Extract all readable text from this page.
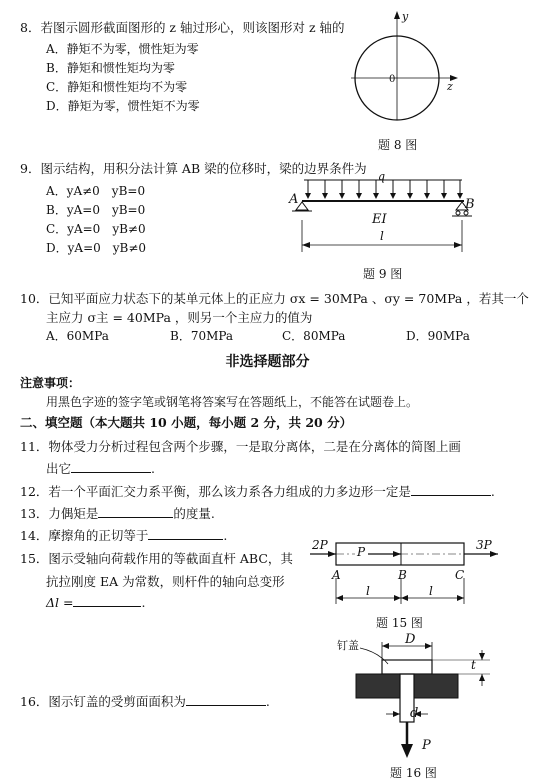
8．若图示圆形截面图形的 z 轴过形心，则该图形对 z 轴的
A．静矩不为零，惯性矩为零
B．静矩和惯性矩均为零
C．静矩和惯性矩均不为零
D．静矩为零，惯性矩不为零
y
z
0
题 8 图
9．图示结构，用积分法计算 AB 梁的位移时，梁的边界条件为
A．yA≠0　yB=0
B．yA=0　yB=0
C．yA=0　yB≠0
D．yA=0　yB≠0
q
A	B
EI
l
题 9 图
10．已知平面应力状态下的某单元体上的正应力 σx = 30MPa 、σy = 70MPa ，若其一个
主应力 σ主 = 40MPa ，则另一个主应力的值为
A．60MPa	B．70MPa	C．80MPa	D．90MPa
非选择题部分
注意事项：
用黑色字迹的签字笔或钢笔将答案写在答题纸上，不能答在试题卷上。
二、填空题（本大题共 10 小题，每小题 2 分，共 20 分）
11．物体受力分析过程包含两个步骤，一是取分离体，二是在分离体的简图上画
出它	.
12．若一个平面汇交力系平衡，那么该力系各力组成的力多边形一定是	.
13．力偶矩是	的度量.
14．摩擦角的正切等于	.
15．图示受轴向荷载作用的等截面直杆 ABC，其
抗拉刚度 EA 为常数，则杆件的轴向总变形
Δl =	.
2P P	3P
A	B	C
l	l
题 15 图
16．图示钉盖的受剪面面积为	.
钉盖	D
t
d
P
题 16 图
